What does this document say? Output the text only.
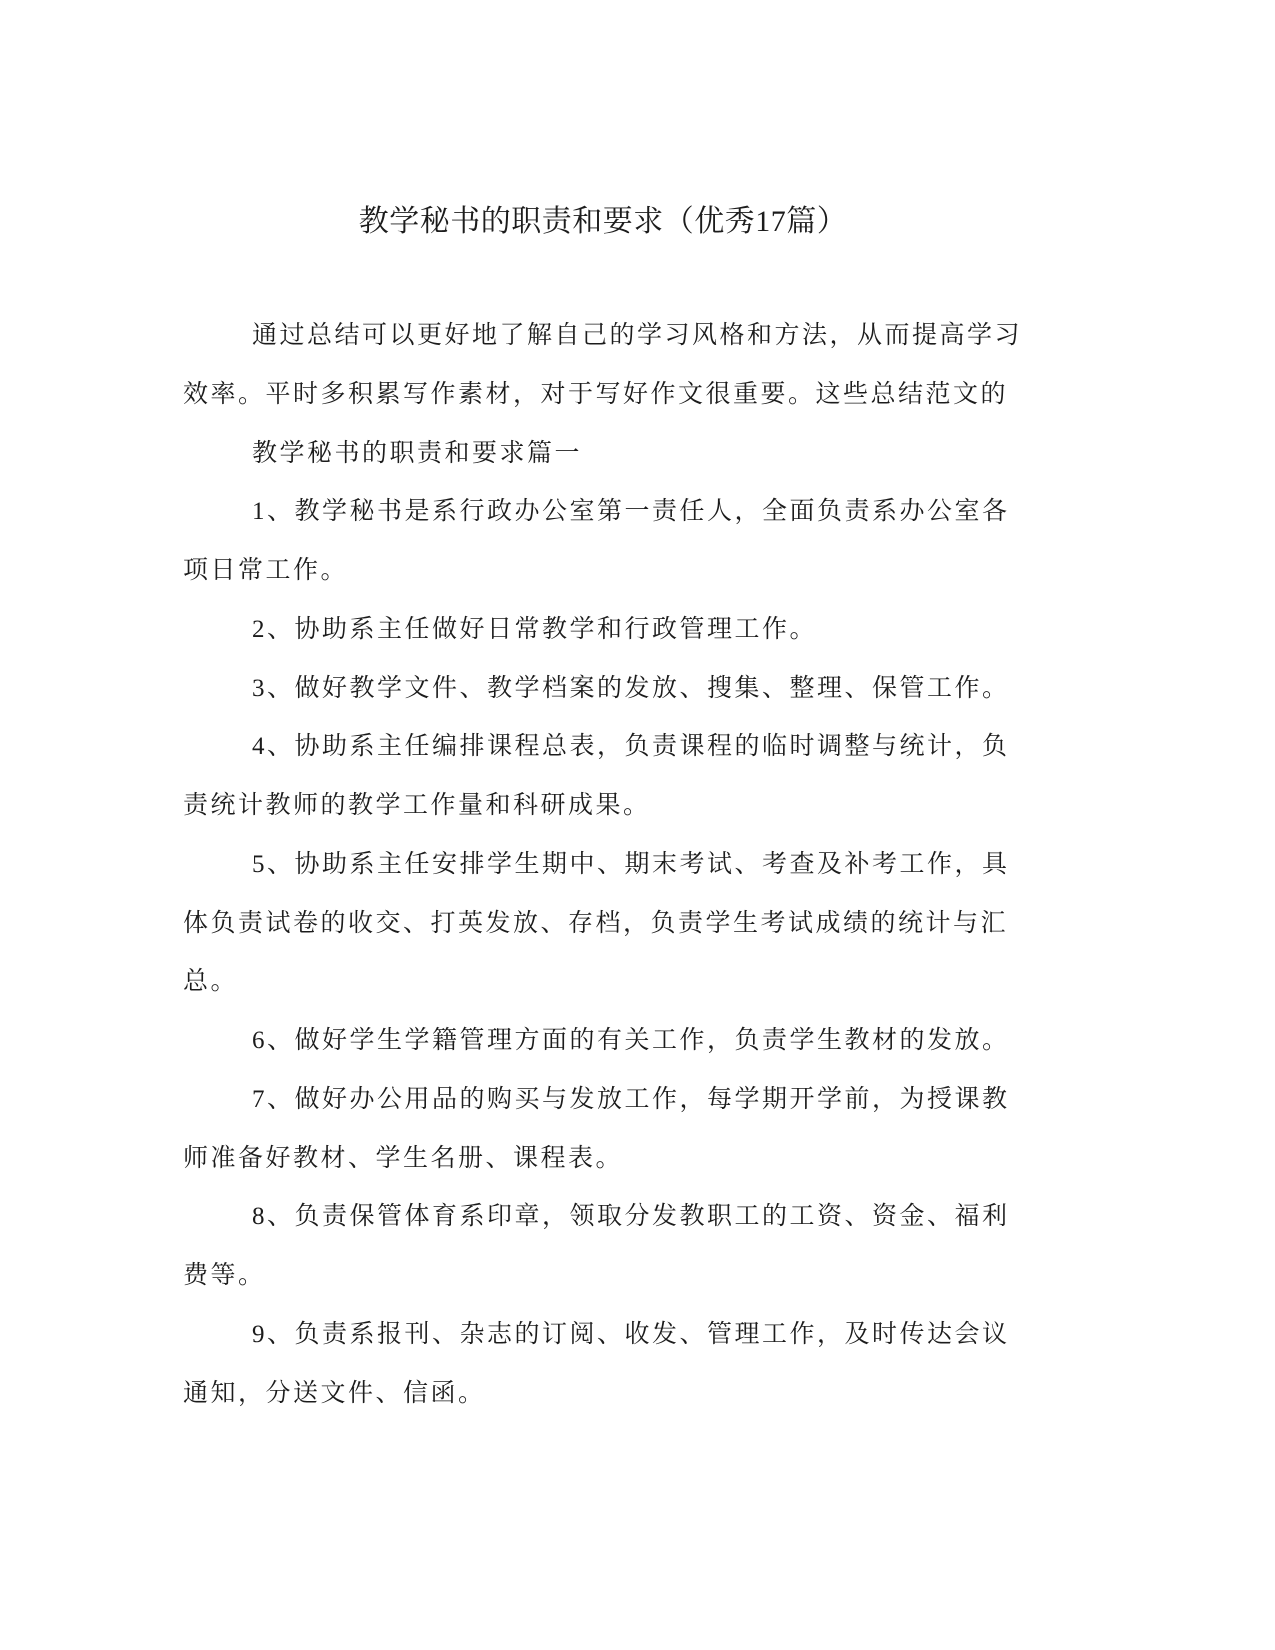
教学秘书的职责和要求（优秀17篇）
通过总结可以更好地了解自己的学习风格和方法，从而提高学习
效率。平时多积累写作素材，对于写好作文很重要。这些总结范文的
教学秘书的职责和要求篇一
1、教学秘书是系行政办公室第一责任人，全面负责系办公室各
项日常工作。
2、协助系主任做好日常教学和行政管理工作。
3、做好教学文件、教学档案的发放、搜集、整理、保管工作。
4、协助系主任编排课程总表，负责课程的临时调整与统计，负
责统计教师的教学工作量和科研成果。
5、协助系主任安排学生期中、期末考试、考查及补考工作，具
体负责试卷的收交、打英发放、存档，负责学生考试成绩的统计与汇
总。
6、做好学生学籍管理方面的有关工作，负责学生教材的发放。
7、做好办公用品的购买与发放工作，每学期开学前，为授课教
师准备好教材、学生名册、课程表。
8、负责保管体育系印章，领取分发教职工的工资、资金、福利
费等。
9、负责系报刊、杂志的订阅、收发、管理工作，及时传达会议
通知，分送文件、信函。
